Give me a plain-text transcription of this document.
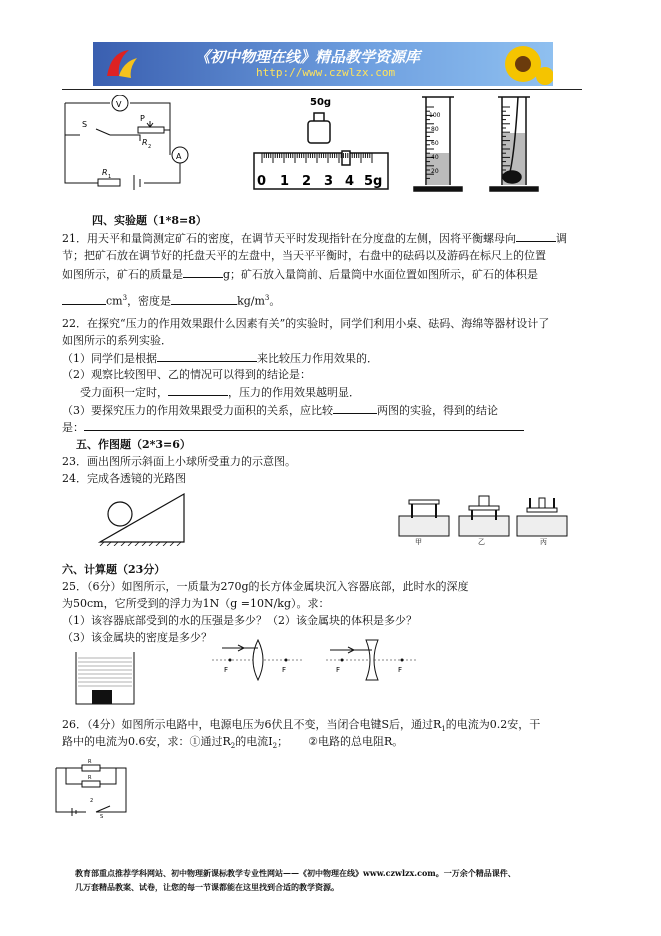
《初中物理在线》精品教学资源库
http://www.czwlzx.com
V
A
S
P
R 2
R 1
50g
0 1 2 3 4 5g
100
80
60
40
20
四、实验题（1*8=8）
21．用天平和量筒测定矿石的密度，在调节天平时发现指针在分度盘的左侧，因将平衡螺母向	调
节；把矿石放在调节好的托盘天平的左盘中，当天平平衡时，右盘中的砝码以及游码在标尺上的位置
如图所示，矿石的质量是	g；矿石放入量筒前、后量筒中水面位置如图所示，矿石的体积是
$cm^3$，密度是	$kg/m^3$。
22．在探究“压力的作用效果跟什么因素有关”的实验时，同学们利用小桌、砝码、海绵等器材设计了
如图所示的系列实验．
（1）同学们是根据	来比较压力作用效果的．
（2）观察比较图甲、乙的情况可以得到的结论是：
受力面积一定时，	，压力的作用效果越明显．
（3）要探究压力的作用效果跟受力面积的关系，应比较	两图的实验，得到的结论
是：
五、作图题（2*3=6）
23．画出图所示斜面上小球所受重力的示意图。
24．完成各透镜的光路图
甲	乙	丙
六、计算题（23分）
25．（6分）如图所示，一质量为270g的长方体金属块沉入容器底部，此时水的深度
为50cm，它所受到的浮力为1N（g =10N/kg）。求：
（1）该容器底部受到的水的压强是多少？（2）该金属块的体积是多少？
（3）该金属块的密度是多少？
F	F	F	F
26．（4分）如图所示电路中，电源电压为6伏且不变，当闭合电键S后，通过$R_1$的电流为0.2安，干
路中的电流为0.6安，求：①通过$R_2$的电流$I_2$； ②电路的总电阻R。
R
R
2
S
教育部重点推荐学科网站、初中物理新课标教学专业性网站——《初中物理在线》www.czwlzx.com。一万余个精品课件、
几万套精品教案、试卷，让您的每一节课都能在这里找到合适的教学资源。
